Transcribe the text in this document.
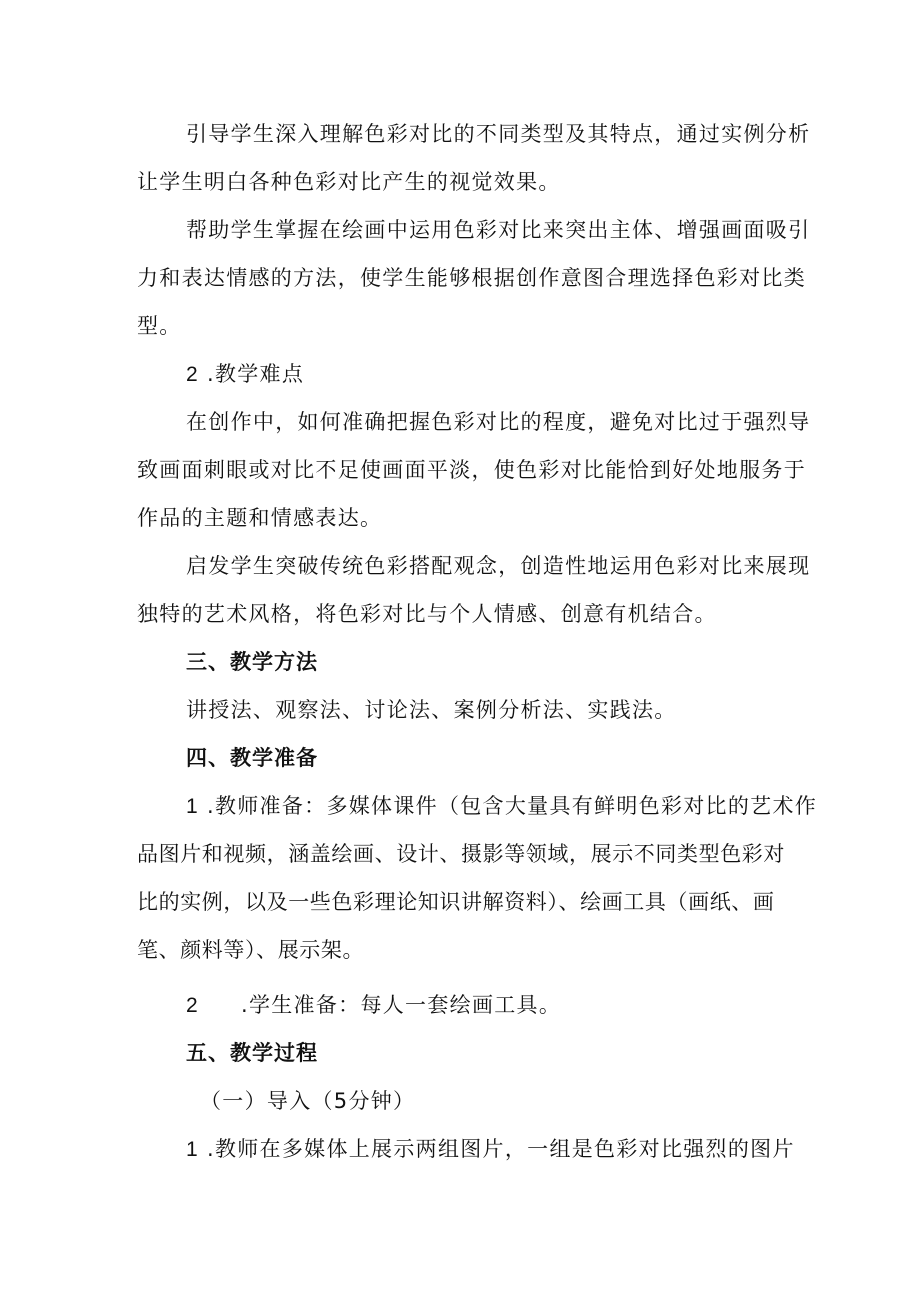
引导学生深入理解色彩对比的不同类型及其特点，通过实例分析

让学生明白各种色彩对比产生的视觉效果。

帮助学生掌握在绘画中运用色彩对比来突出主体、增强画面吸引

力和表达情感的方法，使学生能够根据创作意图合理选择色彩对比类

型。

2 .教学难点

在创作中，如何准确把握色彩对比的程度，避免对比过于强烈导

致画面刺眼或对比不足使画面平淡，使色彩对比能恰到好处地服务于

作品的主题和情感表达。

启发学生突破传统色彩搭配观念，创造性地运用色彩对比来展现

独特的艺术风格，将色彩对比与个人情感、创意有机结合。

三、教学方法

讲授法、观察法、讨论法、案例分析法、实践法。

四、教学准备

1 .教师准备：多媒体课件（包含大量具有鲜明色彩对比的艺术作

品图片和视频，涵盖绘画、设计、摄影等领域，展示不同类型色彩对

比的实例，以及一些色彩理论知识讲解资料）、绘画工具（画纸、画

笔、颜料等）、展示架。

2 .学生准备：每人一套绘画工具。

五、教学过程

（一）导入（5分钟）

1 .教师在多媒体上展示两组图片，一组是色彩对比强烈的图片
